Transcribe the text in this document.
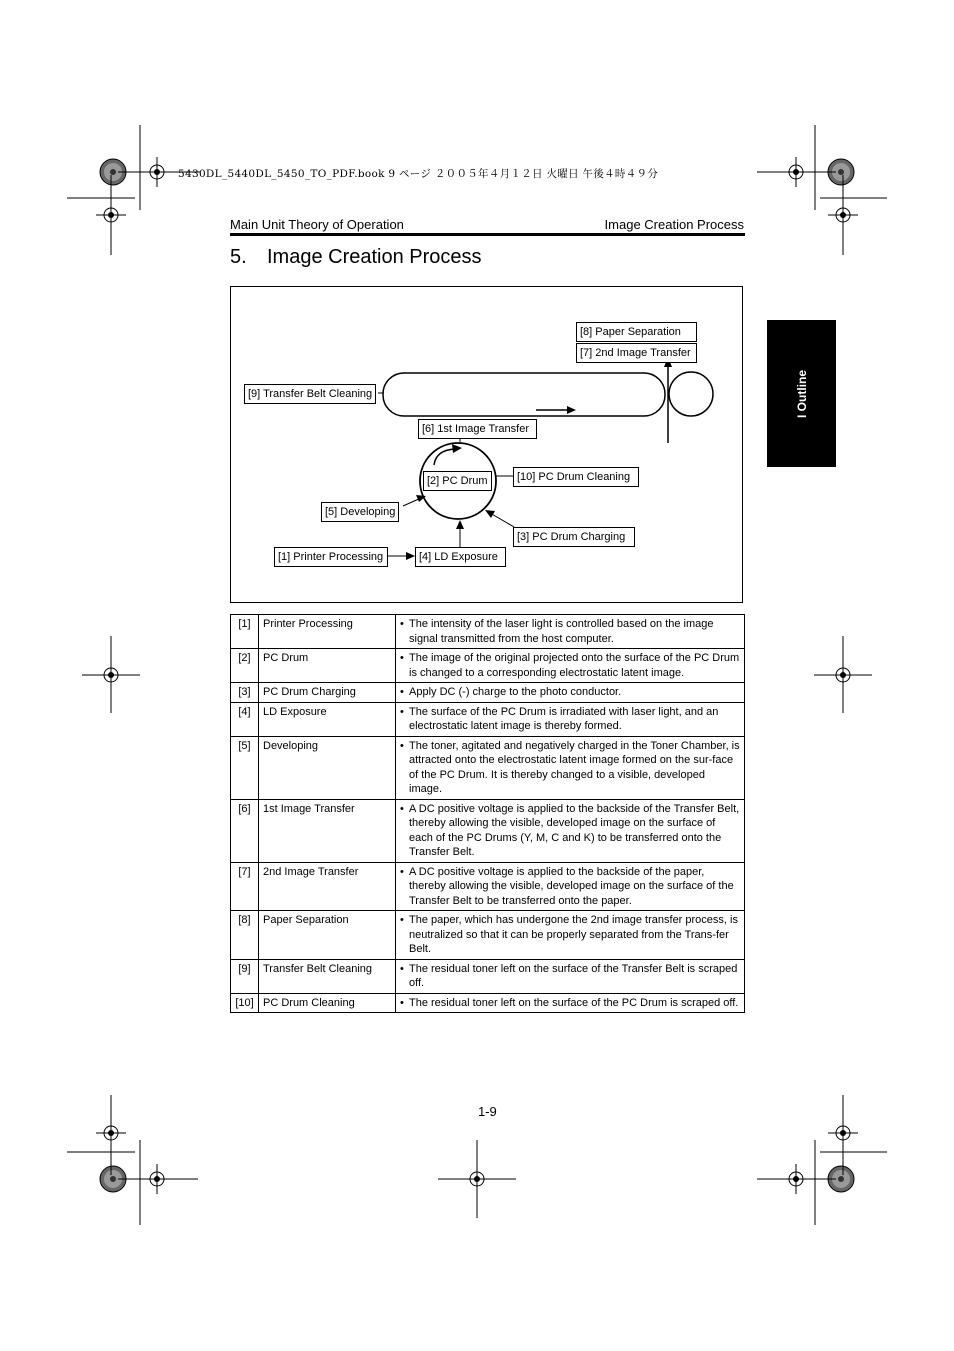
5430DL_5440DL_5450_TO_PDF.book 9 ページ ２００５年４月１２日 火曜日 午後４時４９分
Main Unit Theory of Operation	Image Creation Process
5. Image Creation Process
I Outline
[8] Paper Separation
[7] 2nd Image Transfer
[9] Transfer Belt Cleaning
[6] 1st Image Transfer
[2] PC Drum	[10] PC Drum Cleaning
[5] Developing
[3] PC Drum Charging
[1] Printer Processing	[4] LD Exposure
[1]	Printer Processing	• The intensity of the laser light is controlled based on the image signal transmitted from the host computer.
[2]	PC Drum	• The image of the original projected onto the surface of the PC Drum is changed to a corresponding electrostatic latent image.
[3]	PC Drum Charging	• Apply DC (-) charge to the photo conductor.
[4]	LD Exposure	• The surface of the PC Drum is irradiated with laser light, and an electrostatic latent image is thereby formed.
[5]	Developing	• The toner, agitated and negatively charged in the Toner Chamber, is attracted onto the electrostatic latent image formed on the sur-face of the PC Drum. It is thereby changed to a visible, developed image.
[6]	1st Image Transfer	• A DC positive voltage is applied to the backside of the Transfer Belt, thereby allowing the visible, developed image on the surface of each of the PC Drums (Y, M, C and K) to be transferred onto the Transfer Belt.
[7]	2nd Image Transfer	• A DC positive voltage is applied to the backside of the paper, thereby allowing the visible, developed image on the surface of the Transfer Belt to be transferred onto the paper.
[8]	Paper Separation	• The paper, which has undergone the 2nd image transfer process, is neutralized so that it can be properly separated from the Trans-fer Belt.
[9]	Transfer Belt Cleaning	• The residual toner left on the surface of the Transfer Belt is scraped off.
[10]	PC Drum Cleaning	• The residual toner left on the surface of the PC Drum is scraped off.
1-9
